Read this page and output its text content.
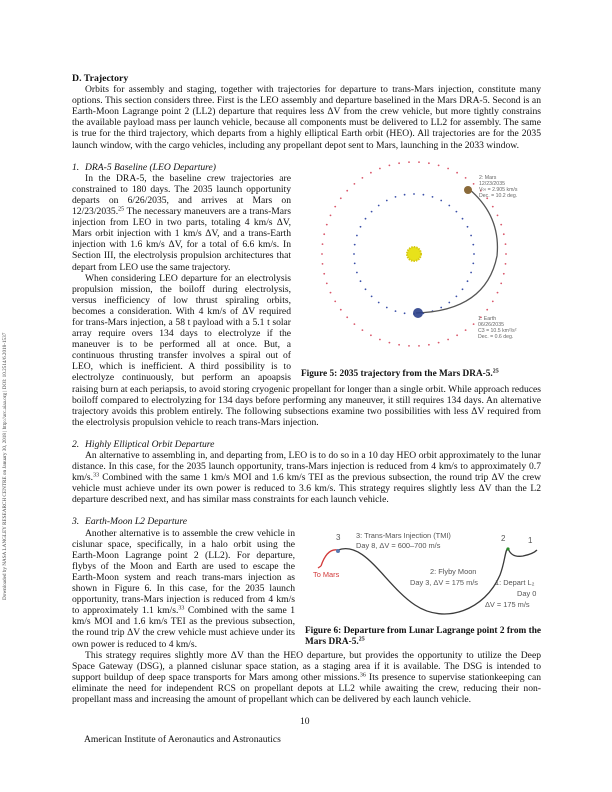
Downloaded by NASA LANGLEY RESEARCH CENTRE on January 30, 2018 | http://arc.aiaa.org | DOI: 10.2514/6.2018-1537
D. Trajectory

Orbits for assembly and staging, together with trajectories for departure to trans-Mars injection, constitute many options. This section considers three. First is the LEO assembly and departure baselined in the Mars DRA-5. Second is an Earth-Moon Lagrange point 2 (LL2) departure that requires less ΔV from the crew vehicle, but more tightly constrains the available payload mass per launch vehicle, because all components must be delivered to LL2 for assembly. The same is true for the third trajectory, which departs from a highly elliptical Earth orbit (HEO). All trajectories are for the 2035 launch window, with the cargo vehicles, including any propellant depot sent to Mars, launching in the 2033 window.

1. DRA-5 Baseline (LEO Departure)
2: Mars
12/23/2035
V∞ = 2.905 km/s
Dec. = 10.2 deg.
1: Earth
06/26/2035
C3 = 10.5 km²/s²
Dec. = 0.6 deg.
Figure 5: 2035 trajectory from the Mars DRA-5.25

In the DRA-5, the baseline crew trajectories are constrained to 180 days. The 2035 launch opportunity departs on 6/26/2035, and arrives at Mars on 12/23/2035.25 The necessary maneuvers are a trans-Mars injection from LEO in two parts, totaling 4 km/s ΔV, Mars orbit injection with 1 km/s ΔV, and a trans-Earth injection with 1.6 km/s ΔV, for a total of 6.6 km/s. In Section III, the electrolysis propulsion architectures that depart from LEO use the same trajectory.

When considering LEO departure for an electrolysis propulsion mission, the boiloff during electrolysis, versus inefficiency of low thrust spiraling orbits, becomes a consideration. With 4 km/s of ΔV required for trans-Mars injection, a 58 t payload with a 5.1 t solar array require overs 134 days to electrolyze if the maneuver is to be performed all at once. But, a continuous thrusting transfer involves a spiral out of LEO, which is inefficient. A third possibility is to electrolyze continuously, but perform an apoapsis raising burn at each periapsis, to avoid storing cryogenic propellant for longer than a single orbit. While approach reduces boiloff compared to electrolyzing for 134 days before performing any maneuver, it still requires 134 days. An alternative trajectory avoids this problem entirely. The following subsections examine two possibilities with less ΔV required from the electrolysis propulsion vehicle to reach trans-Mars injection.

2. Highly Elliptical Orbit Departure

An alternative to assembling in, and departing from, LEO is to do so in a 10 day HEO orbit approximately to the lunar distance. In this case, for the 2035 launch opportunity, trans-Mars injection is reduced from 4 km/s to approximately 0.7 km/s.$^{33}$ Combined with the same 1 km/s MOI and 1.6 km/s TEI as the previous subsection, the round trip ΔV the crew vehicle must achieve under its own power is reduced to 3.6 km/s. This strategy requires slightly less ΔV than the L2 departure described next, and has similar mass constraints for each launch vehicle.

3. Earth-Moon L2 Departure
3 3: Trans-Mars Injection (TMI)
Day 8, ΔV = 600–700 m/s
To Mars	2: Flyby Moon
Day 3, ΔV = 175 m/s
2	1
1: Depart L₂
Day 0
ΔV = 175 m/s
Figure 6: Departure from Lunar Lagrange point 2 from the Mars DRA-5.25

Another alternative is to assemble the crew vehicle in cislunar space, specifically, in a halo orbit using the Earth-Moon Lagrange point 2 (LL2). For departure, flybys of the Moon and Earth are used to escape the Earth-Moon system and reach trans-mars injection as shown in Figure 6. In this case, for the 2035 launch opportunity, trans-Mars injection is reduced from 4 km/s to approximately 1.1 km/s.$^{33}$ Combined with the same 1 km/s MOI and 1.6 km/s TEI as the previous subsection, the round trip ΔV the crew vehicle must achieve under its own power is reduced to 4 km/s.

This strategy requires slightly more ΔV than the HEO departure, but provides the opportunity to utilize the Deep Space Gateway (DSG), a planned cislunar space station, as a staging area if it is available. The DSG is intended to support buildup of deep space transports for Mars among other missions.$^{36}$ Its presence to supervise stationkeeping can eliminate the need for independent RCS on propellant depots at LL2 while awaiting the crew, reducing their non-propellant mass and increasing the amount of propellant which can be delivered by each launch vehicle.

10
American Institute of Aeronautics and Astronautics
